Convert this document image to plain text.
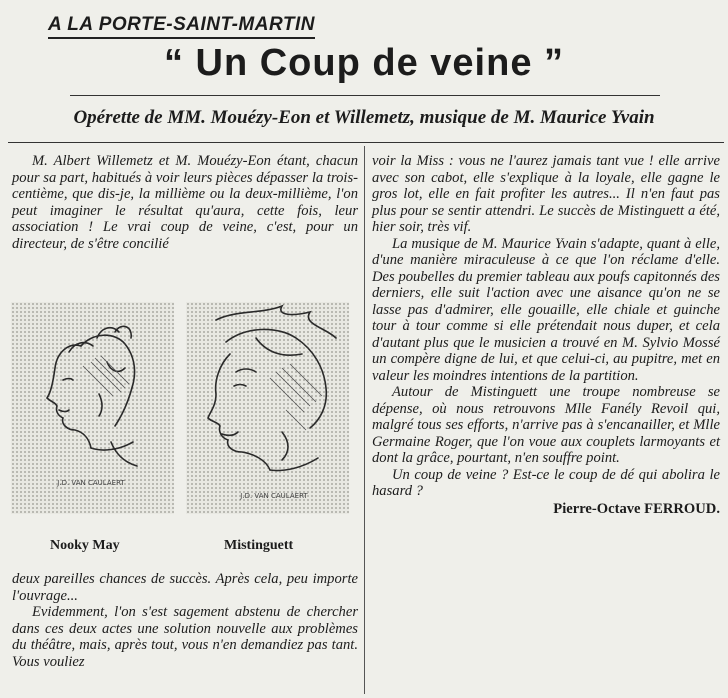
A LA PORTE-SAINT-MARTIN
“ Un Coup de veine ”
Opérette de MM. Mouézy-Eon et Willemetz, musique de M. Maurice Yvain

M. Albert Willemetz et M. Mouézy-Eon étant, chacun pour sa part, habitués à voir leurs pièces dépasser la trois-centième, que dis-je, la millième ou la deux-millième, l'on peut imaginer le résultat qu'aura, cette fois, leur association ! Le vrai coup de veine, c'est, pour un directeur, de s'être concilié

J.D. VAN CAULAERT
J.D. VAN CAULAERT
Nooky May	Mistinguett

deux pareilles chances de succès. Après cela, peu importe l'ouvrage...

Evidemment, l'on s'est sagement abstenu de chercher dans ces deux actes une solution nouvelle aux problèmes du théâtre, mais, après tout, vous n'en demandiez pas tant. Vous vouliez

voir la Miss : vous ne l'aurez jamais tant vue ! elle arrive avec son cabot, elle s'explique à la loyale, elle gagne le gros lot, elle en fait profiter les autres... Il n'en faut pas plus pour se sentir attendri. Le succès de Mistinguett a été, hier soir, très vif.

La musique de M. Maurice Yvain s'adapte, quant à elle, d'une manière miraculeuse à ce que l'on réclame d'elle. Des poubelles du premier tableau aux poufs capitonnés des derniers, elle suit l'action avec une aisance qu'on ne se lasse pas d'admirer, elle gouaille, elle chiale et guinche tour à tour comme si elle prétendait nous duper, et cela d'autant plus que le musicien a trouvé en M. Sylvio Mossé un compère digne de lui, et que celui-ci, au pupitre, met en valeur les moindres intentions de la partition.

Autour de Mistinguett une troupe nombreuse se dépense, où nous retrouvons Mlle Fanély Revoil qui, malgré tous ses efforts, n'arrive pas à s'encanailler, et Mlle Germaine Roger, que l'on voue aux couplets larmoyants et dont la grâce, pourtant, n'en souffre point.

Un coup de veine ? Est-ce le coup de dé qui abolira le hasard ?

Pierre-Octave FERROUD.
